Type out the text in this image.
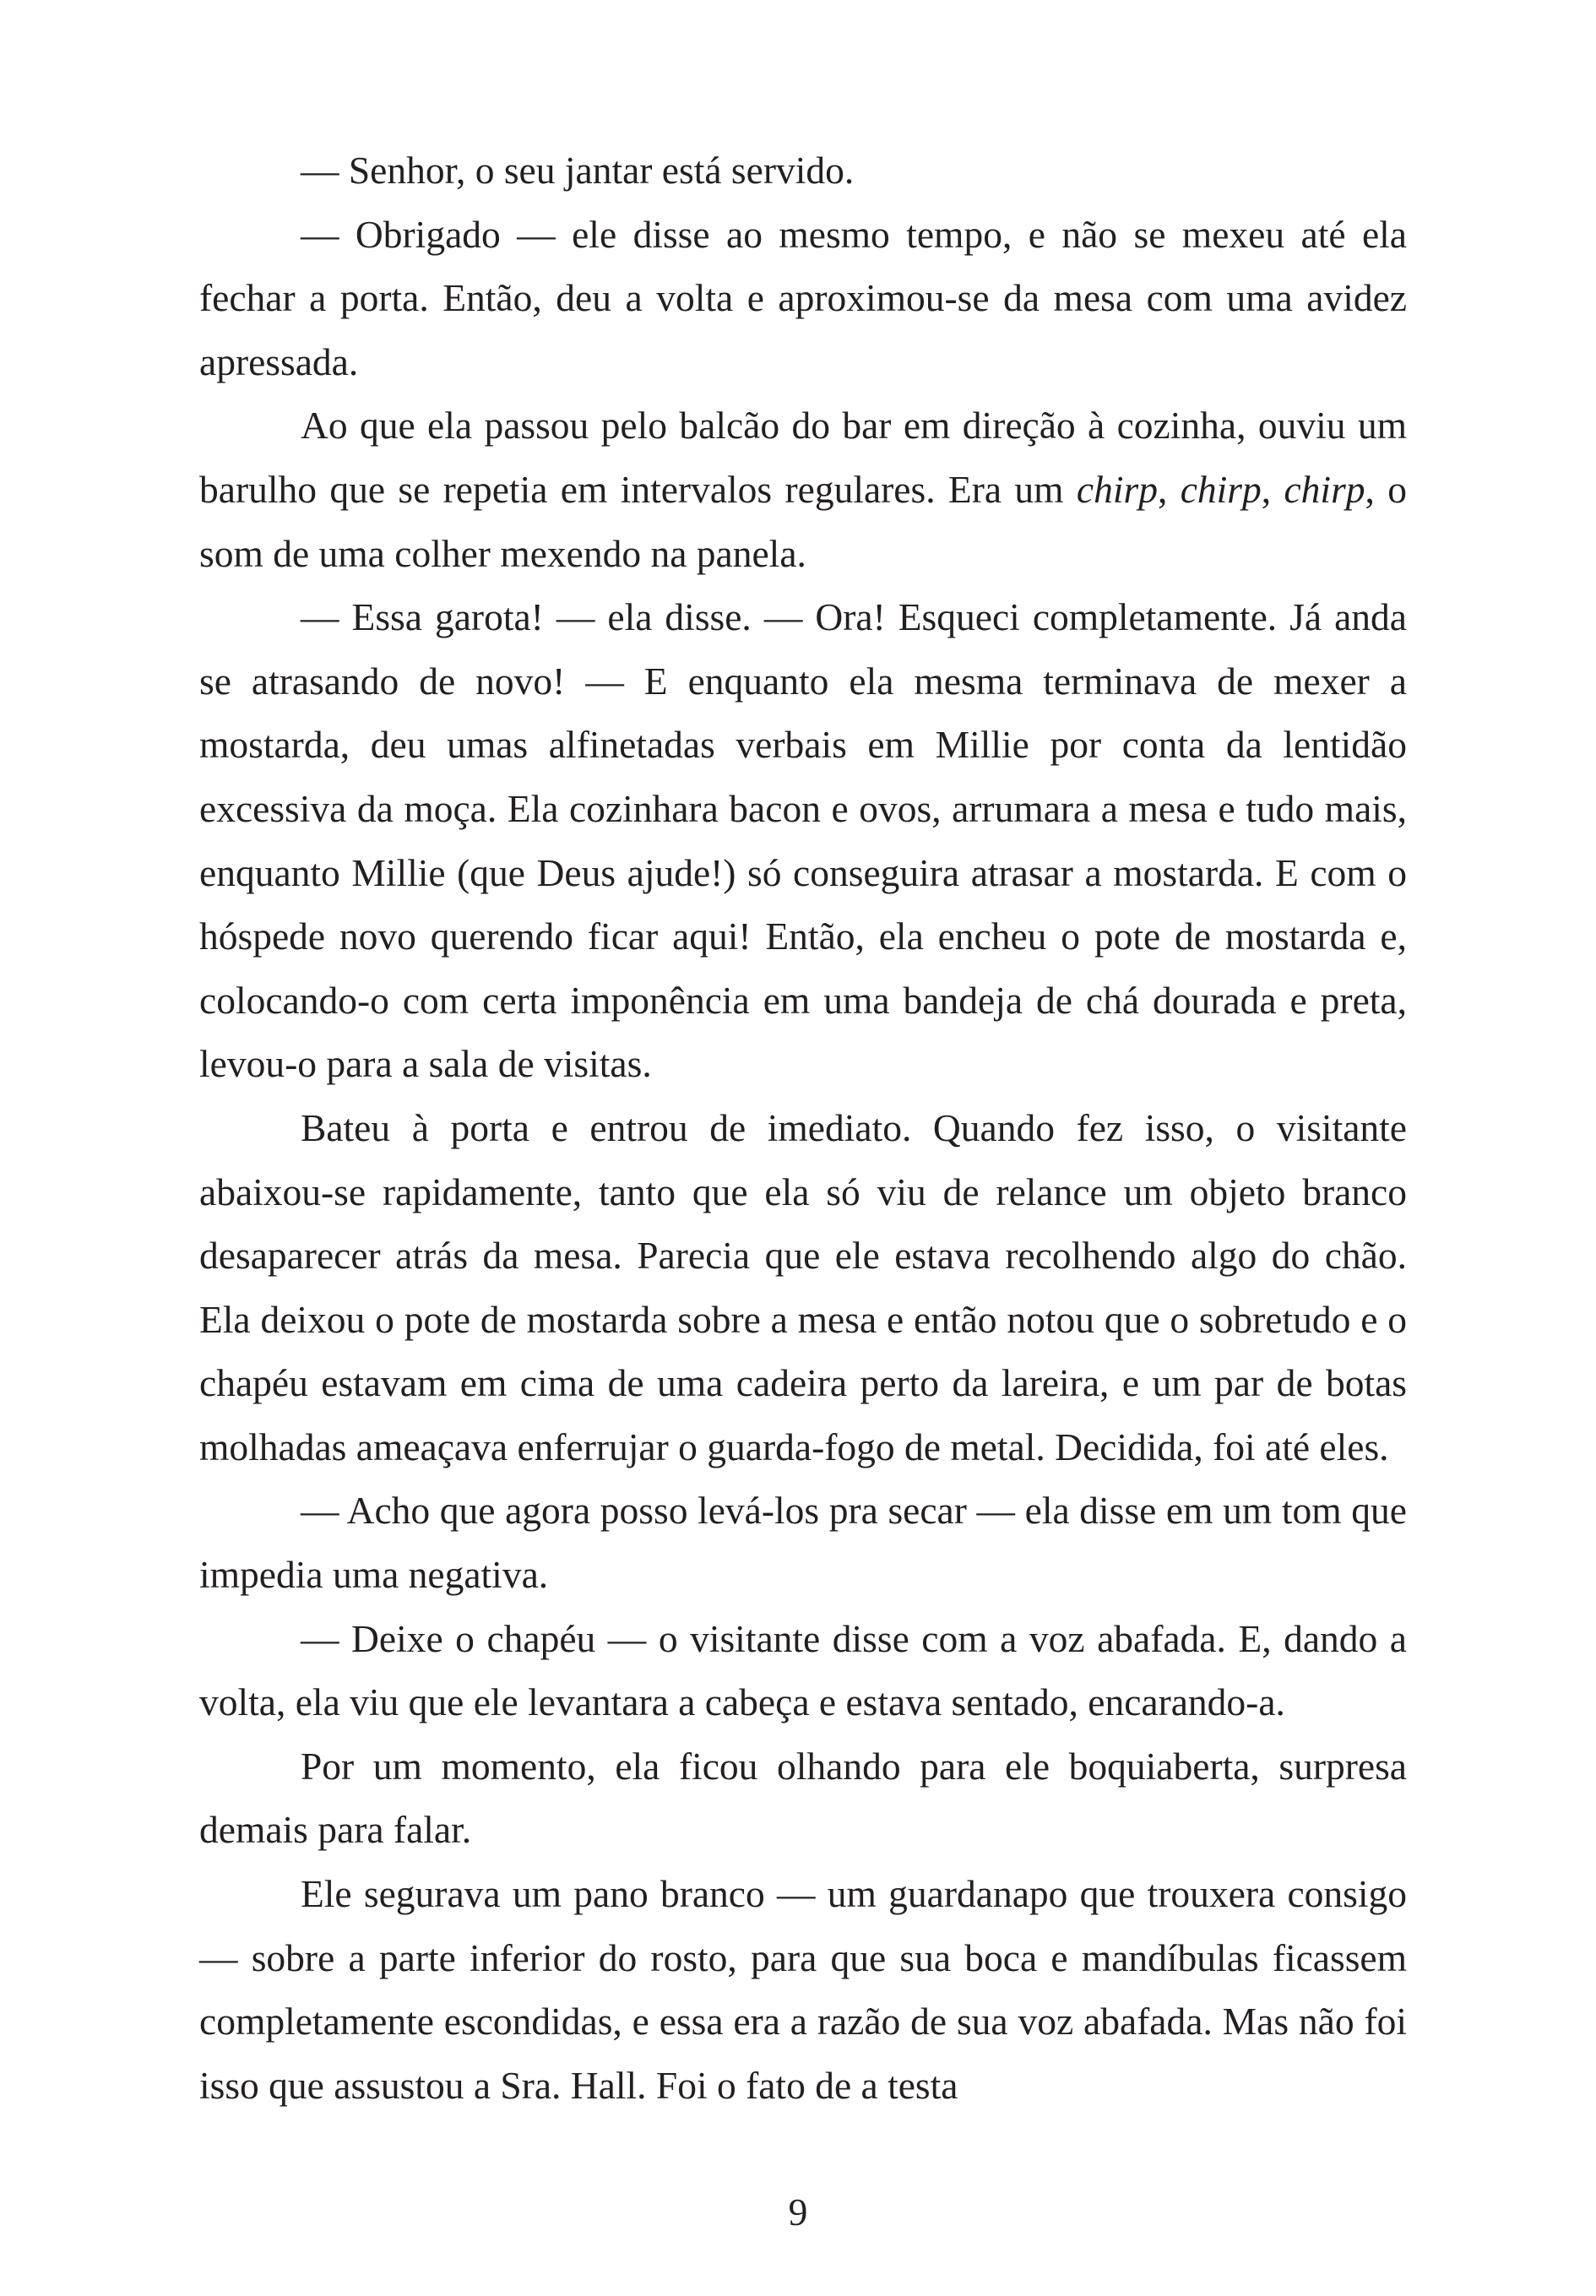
— Senhor, o seu jantar está servido.

— Obrigado — ele disse ao mesmo tempo, e não se mexeu até ela fechar a porta. Então, deu a volta e aproximou-se da mesa com uma avidez apressada.

Ao que ela passou pelo balcão do bar em direção à cozinha, ouviu um barulho que se repetia em intervalos regulares. Era um chirp, chirp, chirp, o som de uma colher mexendo na panela.

— Essa garota! — ela disse. — Ora! Esqueci completamente. Já anda se atrasando de novo! — E enquanto ela mesma terminava de mexer a mostarda, deu umas alfinetadas verbais em Millie por conta da lentidão excessiva da moça. Ela cozinhara bacon e ovos, arrumara a mesa e tudo mais, enquanto Millie (que Deus ajude!) só conseguira atrasar a mostarda. E com o hóspede novo querendo ficar aqui! Então, ela encheu o pote de mostarda e, colocando-o com certa imponência em uma bandeja de chá dourada e preta, levou-o para a sala de visitas.

Bateu à porta e entrou de imediato. Quando fez isso, o visitante abaixou-se rapidamente, tanto que ela só viu de relance um objeto branco desaparecer atrás da mesa. Parecia que ele estava recolhendo algo do chão. Ela deixou o pote de mostarda sobre a mesa e então notou que o sobretudo e o chapéu estavam em cima de uma cadeira perto da lareira, e um par de botas molhadas ameaçava enferrujar o guarda-fogo de metal. Decidida, foi até eles.

— Acho que agora posso levá-los pra secar — ela disse em um tom que impedia uma negativa.

— Deixe o chapéu — o visitante disse com a voz abafada. E, dando a volta, ela viu que ele levantara a cabeça e estava sentado, encarando-a.

Por um momento, ela ficou olhando para ele boquiaberta, surpresa demais para falar.

Ele segurava um pano branco — um guardanapo que trouxera consigo — sobre a parte inferior do rosto, para que sua boca e mandíbulas ficassem completamente escondidas, e essa era a razão de sua voz abafada. Mas não foi isso que assustou a Sra. Hall. Foi o fato de a testa

9
